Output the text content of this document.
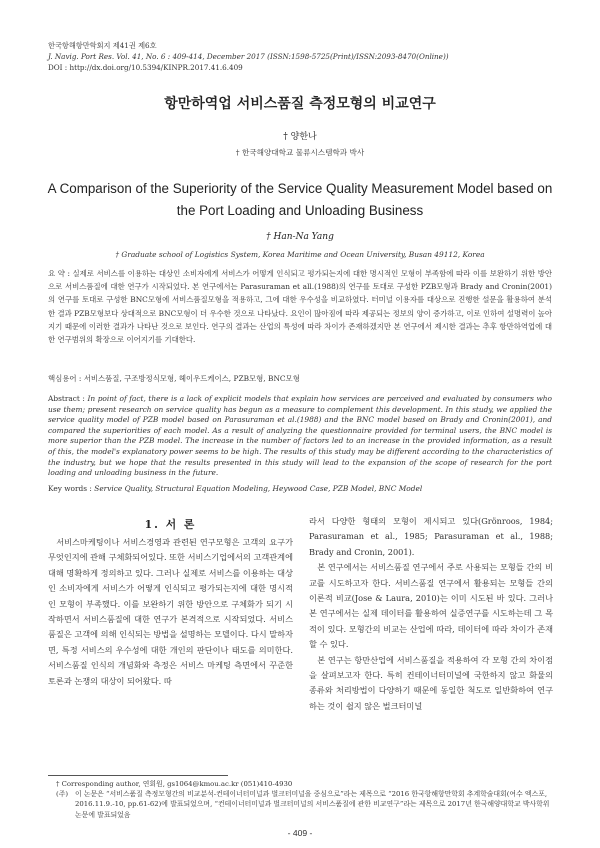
한국항해항만학회지 제41권 제6호
J. Navig. Port Res. Vol. 41, No. 6 : 409-414, December 2017 (ISSN:1598-5725(Print)/ISSN:2093-8470(Online))
DOI : http://dx.doi.org/10.5394/KINPR.2017.41.6.409
항만하역업 서비스품질 측정모형의 비교연구
† 양한나
† 한국해양대학교 물류시스템학과 박사
A Comparison of the Superiority of the Service Quality Measurement Model based on
the Port Loading and Unloading Business
† Han-Na Yang
† Graduate school of Logistics System, Korea Maritime and Ocean University, Busan 49112, Korea
요 약 : 실제로 서비스를 이용하는 대상인 소비자에게 서비스가 어떻게 인식되고 평가되는지에 대한 명시적인 모형이 부족함에 따라 이를 보완하기 위한 방안으로 서비스품질에 대한 연구가 시작되었다. 본 연구에서는 Parasuraman et all.(1988)의 연구를 토대로 구성한 PZB모형과 Brady and Cronin(2001)의 연구를 토대로 구성한 BNC모형에 서비스품질모형을 적용하고, 그에 대한 우수성을 비교하였다. 터미널 이용자를 대상으로 진행한 설문을 활용하여 분석한 결과 PZB모형보다 상대적으로 BNC모형이 더 우수한 것으로 나타났다. 요인이 많아짐에 따라 제공되는 정보의 양이 증가하고, 이로 인하여 설명력이 높아지기 때문에 이러한 결과가 나타난 것으로 보인다. 연구의 결과는 산업의 특성에 따라 차이가 존재하겠지만 본 연구에서 제시한 결과는 추후 항만하역업에 대한 연구범위의 확장으로 이어지기를 기대한다.
핵심용어 : 서비스품질, 구조방정식모형, 헤이우드케이스, PZB모형, BNC모형
Abstract : In point of fact, there is a lack of explicit models that explain how services are perceived and evaluated by consumers who use them; present research on service quality has begun as a measure to complement this development. In this study, we applied the service quality model of PZB model based on Parasuraman et al.(1988) and the BNC model based on Brady and Cronin(2001), and compared the superiorities of each model. As a result of analyzing the questionnaire provided for terminal users, the BNC model is more superior than the PZB model. The increase in the number of factors led to an increase in the provided information, as a result of this, the model's explanatory power seems to be high. The results of this study may be different according to the characteristics of the industry, but we hope that the results presented in this study will lead to the expansion of the scope of research for the port loading and unloading business in the future.
Key words : Service Quality, Structural Equation Modeling, Heywood Case, PZB Model, BNC Model
1. 서 론

서비스마케팅이나 서비스경영과 관련된 연구모형은 고객의 요구가 무엇인지에 관해 구체화되어있다. 또한 서비스기업에서의 고객관계에 대해 명확하게 정의하고 있다. 그러나 실제로 서비스를 이용하는 대상인 소비자에게 서비스가 어떻게 인식되고 평가되는지에 대한 명시적인 모형이 부족했다. 이를 보완하기 위한 방안으로 구체화가 되기 시작하면서 서비스품질에 대한 연구가 본격적으로 시작되었다. 서비스품질은 고객에 의해 인식되는 방법을 설명하는 모델이다. 다시 말하자면, 특정 서비스의 우수성에 대한 개인의 판단이나 태도를 의미한다. 서비스품질 인식의 개념화와 측정은 서비스 마케팅 측면에서 꾸준한 토론과 논쟁의 대상이 되어왔다. 따

라서 다양한 형태의 모형이 제시되고 있다(Grönroos, 1984; Parasuraman et al., 1985; Parasuraman et al., 1988; Brady and Cronin, 2001).

본 연구에서는 서비스품질 연구에서 주로 사용되는 모형들 간의 비교를 시도하고자 한다. 서비스품질 연구에서 활용되는 모형들 간의 이론적 비교(Jose & Laura, 2010)는 이미 시도된 바 있다. 그러나 본 연구에서는 실제 데이터를 활용하여 실증연구를 시도하는데 그 목적이 있다. 모형간의 비교는 산업에 따라, 데이터에 따라 차이가 존재할 수 있다.

본 연구는 항만산업에 서비스품질을 적용하여 각 모형 간의 차이점을 살펴보고자 한다. 특히 컨테이너터미널에 국한하지 않고 화물의 종류와 처리방법이 다양하기 때문에 동일한 척도로 일반화하여 연구하는 것이 쉽지 않은 벌크터미널

† Corresponding author, 연회원, gs1064@kmou.ac.kr (051)410-4930
(주)	이 논문은 “서비스품질 측정모형간의 비교분석-컨테이너터미널과 벌크터미널을 중심으로”라는 제목으로 “2016 한국항해항만학회 추계학술대회(여수 엑스포, 2016.11.9.-10, pp.61-62)에 발표되었으며, “컨테이너터미널과 벌크터미널의 서비스품질에 관한 비교연구”라는 제목으로 2017년 한국해양대학교 박사학위논문에 발표되었음
- 409 -
